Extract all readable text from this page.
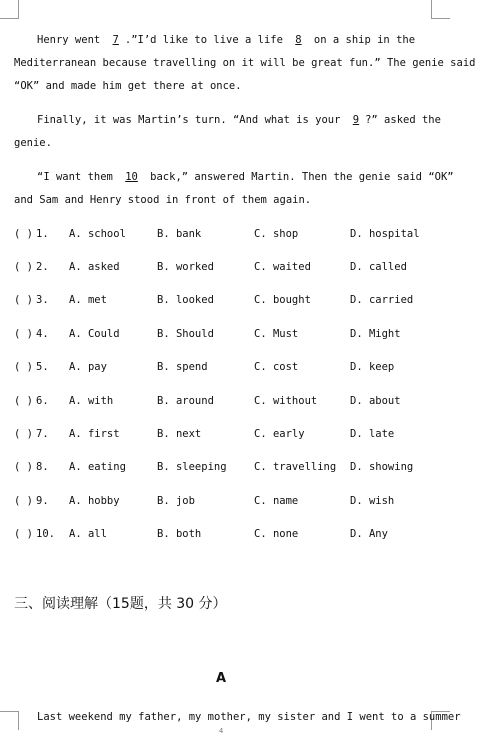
Henry went 7 .”I’d like to live a life 8 on a ship in the
Mediterranean because travelling on it will be great fun.” The genie said
“OK” and made him get there at once.
Finally, it was Martin’s turn. “And what is your 9 ?” asked the
genie.
“I want them 10 back,” answered Martin. Then the genie said “OK”
and Sam and Henry stood in front of them again.
( ) 1. A. school	B. bank	C. shop	D. hospital
( ) 2. A. asked	B. worked	C. waited	D. called
( ) 3. A. met	B. looked	C. bought	D. carried
( ) 4. A. Could	B. Should	C. Must	D. Might
( ) 5. A. pay	B. spend	C. cost	D. keep
( ) 6. A. with	B. around	C. without	D. about
( ) 7. A. first	B. next	C. early	D. late
( ) 8. A. eating	B. sleeping	C. travelling D. showing
( ) 9. A. hobby	B. job	C. name	D. wish
( ) 10. A. all	B. both	C. none	D. Any
三、阅读理解（15题，共 30 分）
A
Last weekend my father, my mother, my sister and I went to a summer
4
